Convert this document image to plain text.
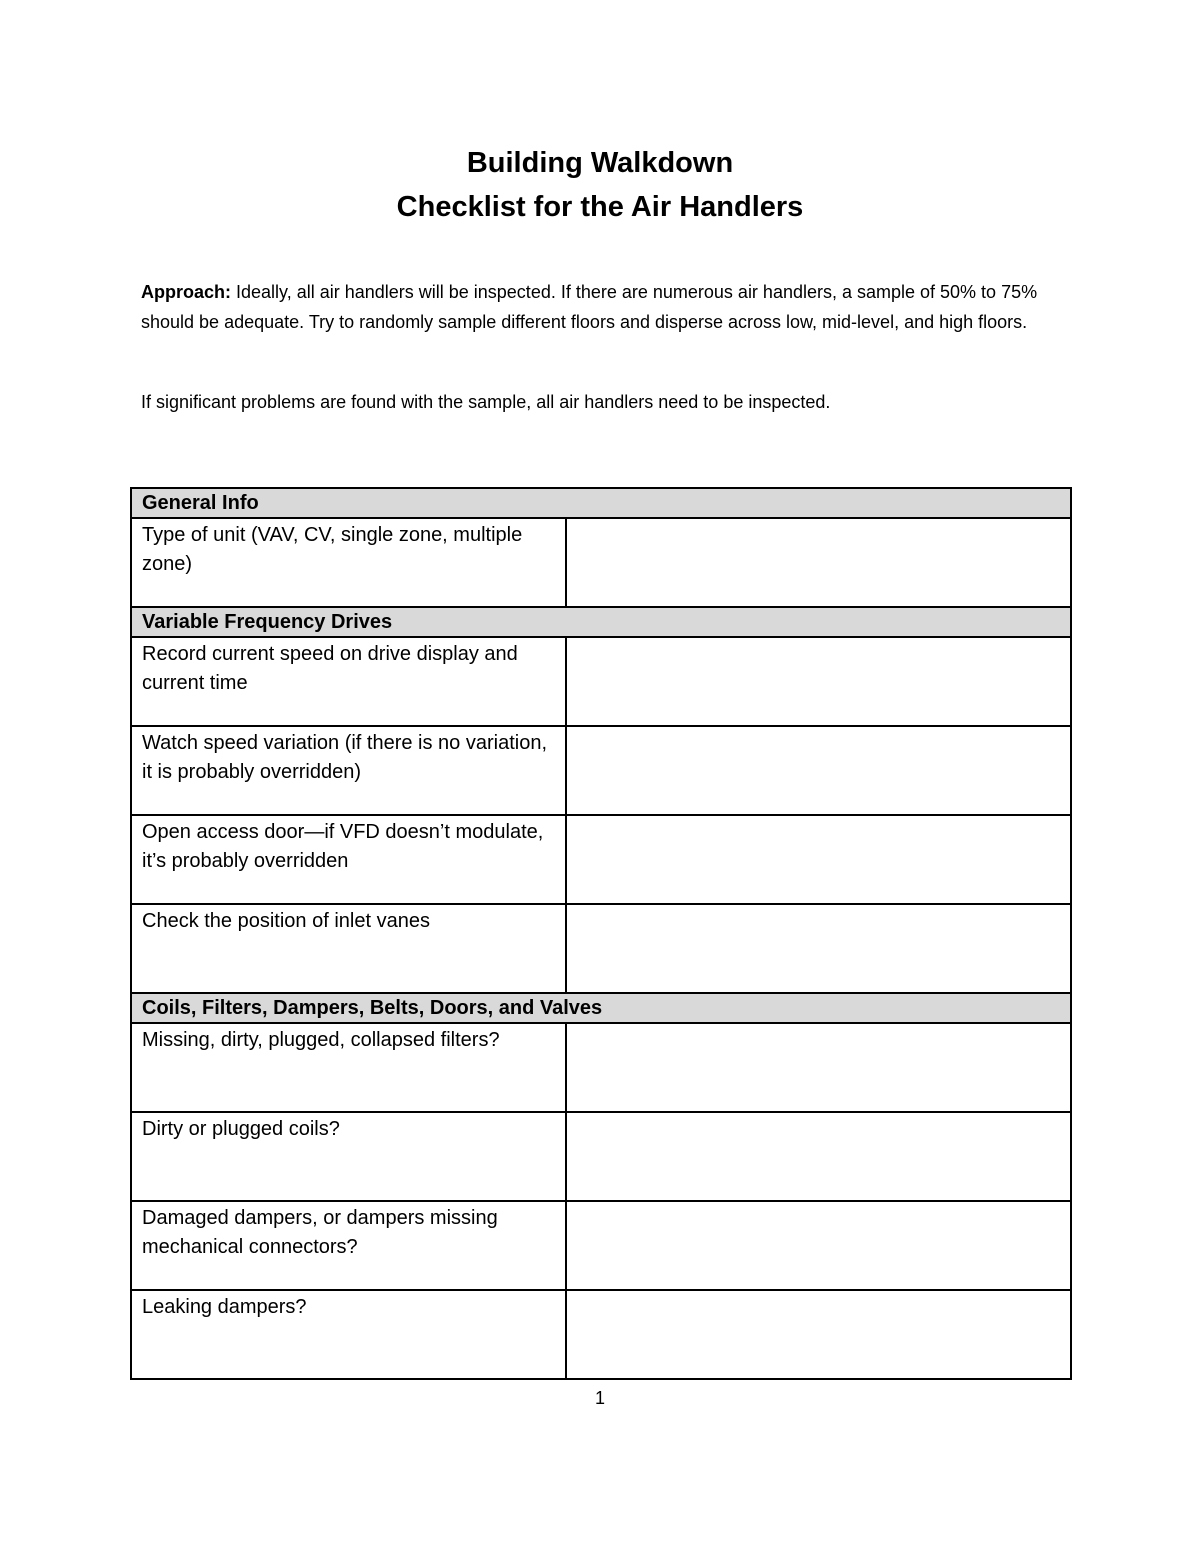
Building Walkdown
Checklist for the Air Handlers

Approach: Ideally, all air handlers will be inspected. If there are numerous air handlers, a sample of 50% to 75% should be adequate. Try to randomly sample different floors and disperse across low, mid-level, and high floors.

If significant problems are found with the sample, all air handlers need to be inspected.

General Info	
Type of unit (VAV, CV, single zone, multiple zone)	
Variable Frequency Drives	
Record current speed on drive display and current time	
Watch speed variation (if there is no variation, it is probably overridden)	
Open access door—if VFD doesn’t modulate, it’s probably overridden	
Check the position of inlet vanes	
Coils, Filters, Dampers, Belts, Doors, and Valves	
Missing, dirty, plugged, collapsed filters?	
Dirty or plugged coils?	
Damaged dampers, or dampers missing mechanical connectors?	
Leaking dampers?	
1
